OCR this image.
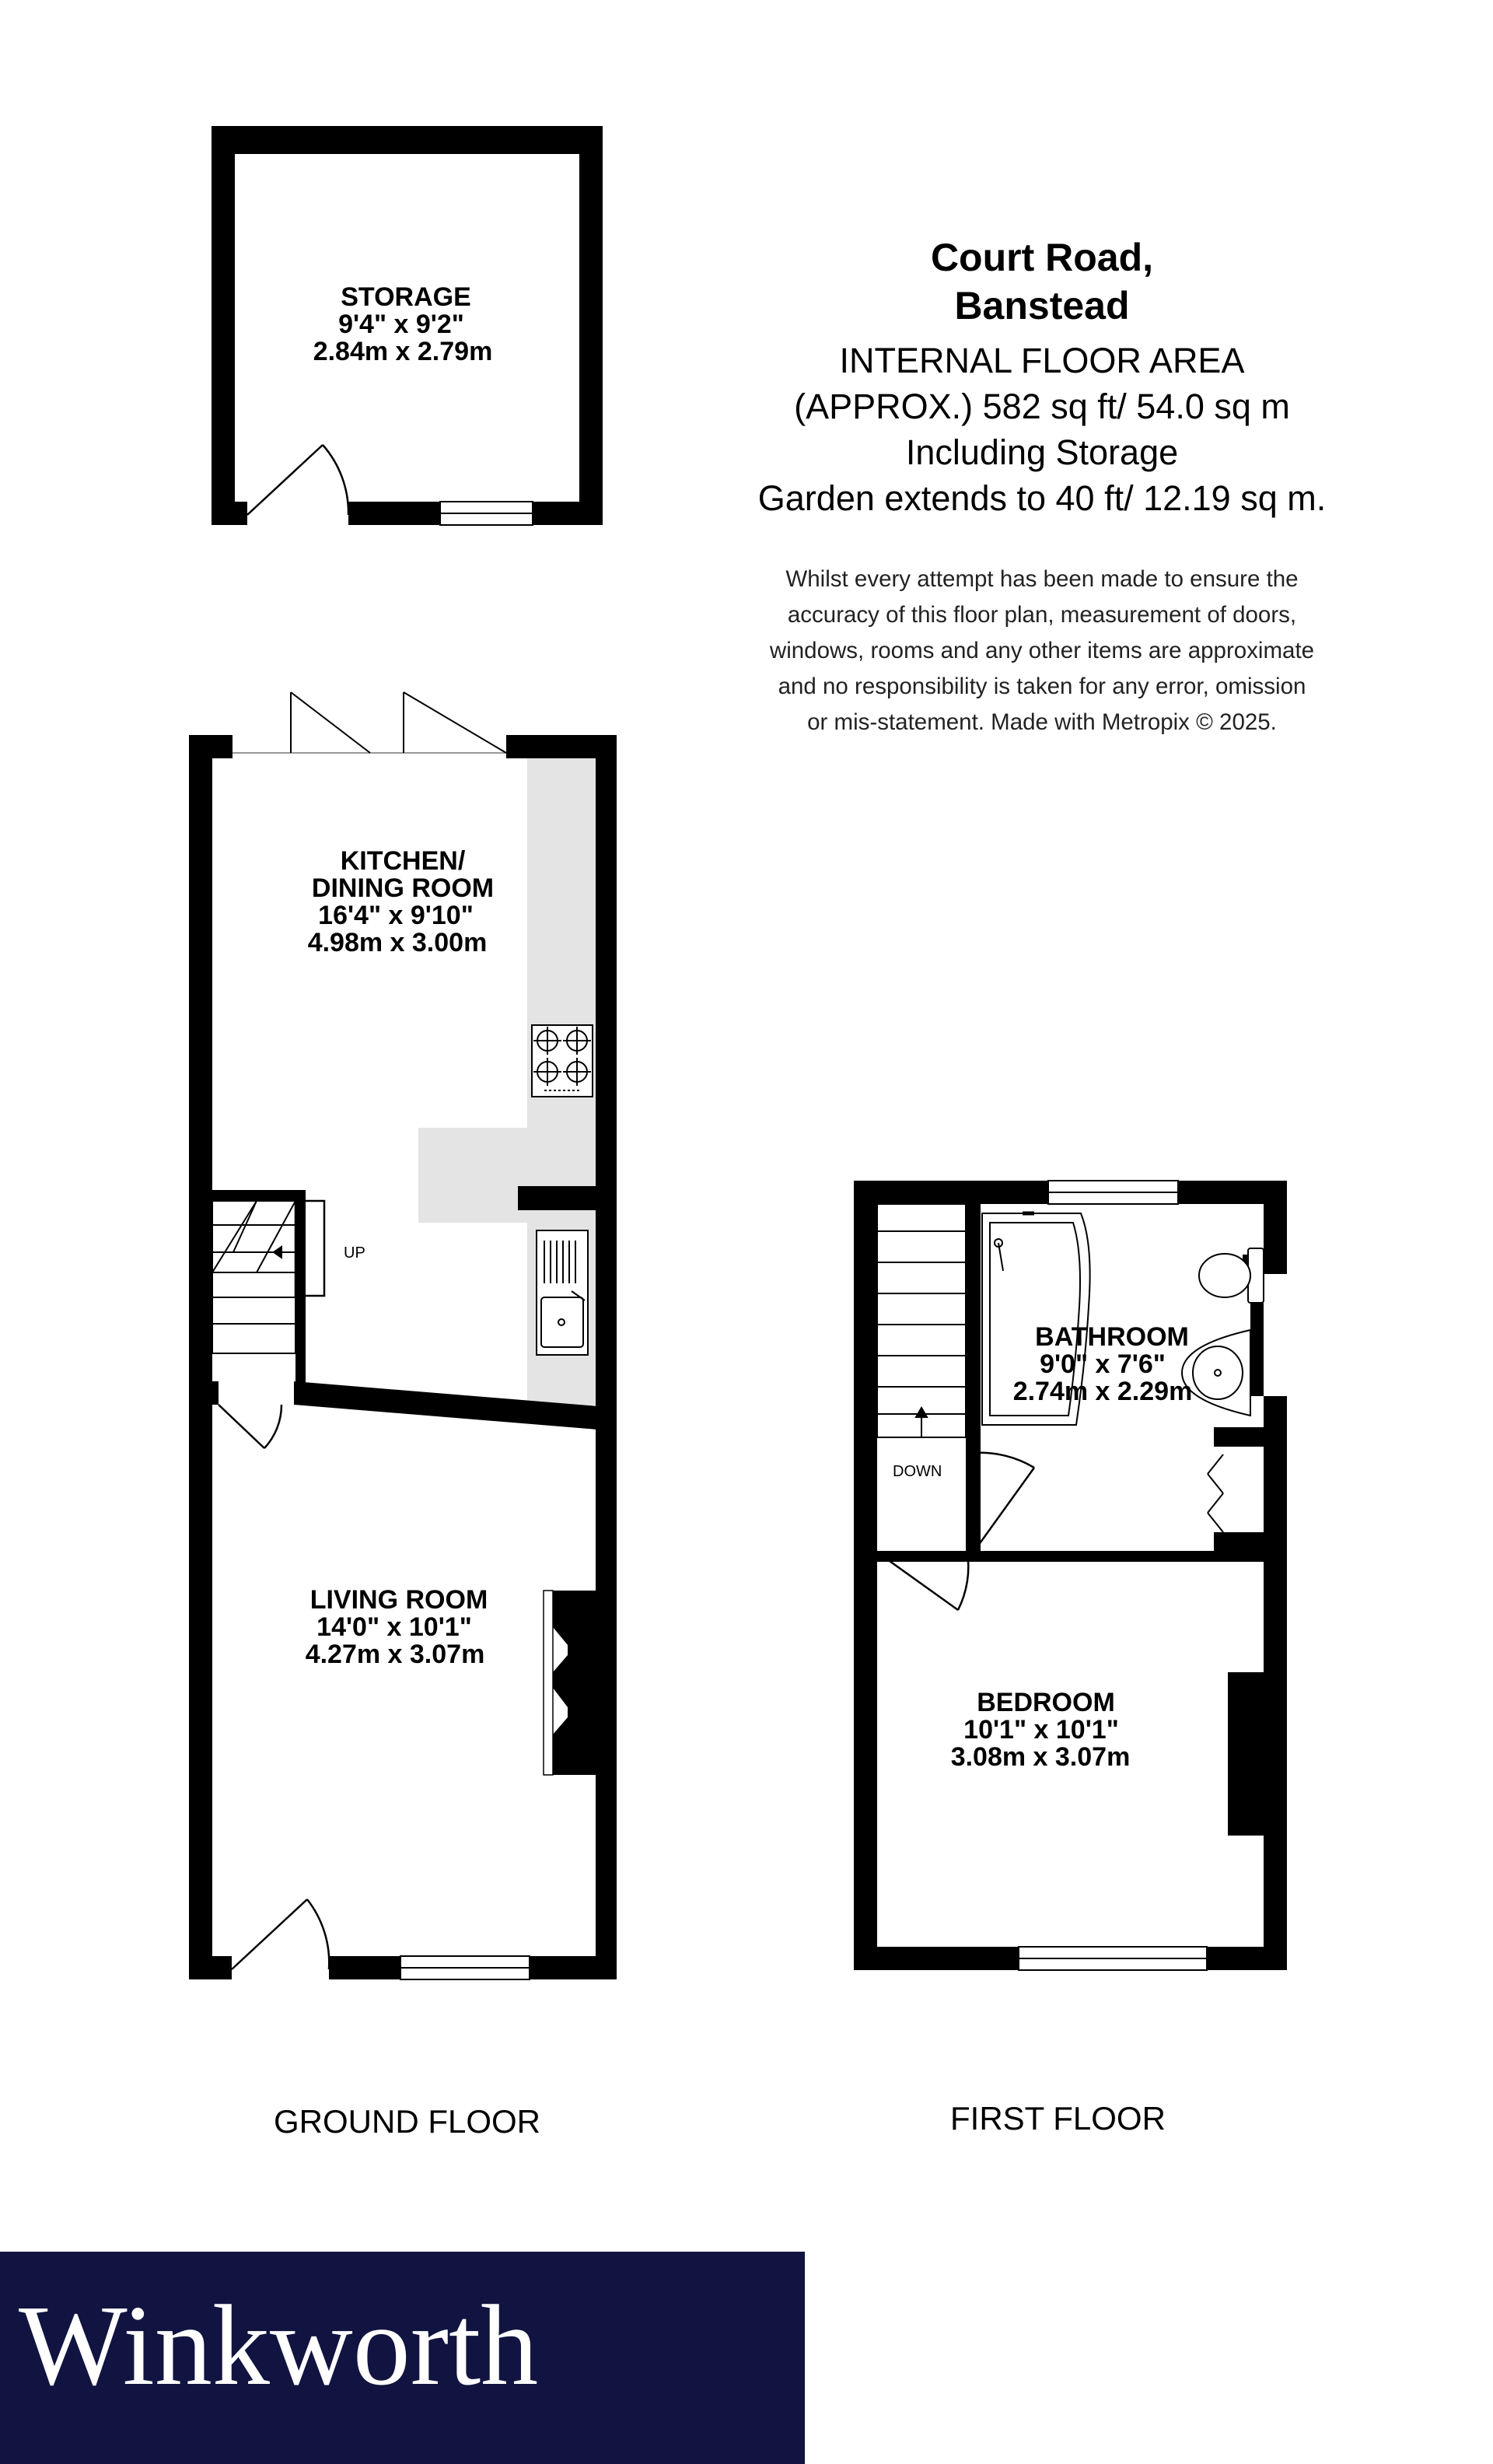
STORAGE
9'4" x 9'2"
2.84m x 2.79m
UP
KITCHEN/
DINING ROOM
16'4" x 9'10"
4.98m x 3.00m
LIVING ROOM
14'0" x 10'1"
4.27m x 3.07m
DOWN
BATHROOM
9'0" x 7'6"
2.74m x 2.29m
BEDROOM
10'1" x 10'1"
3.08m x 3.07m
Court Road,
Banstead
INTERNAL FLOOR AREA
(APPROX.) 582 sq ft/ 54.0 sq m
Including Storage
Garden extends to 40 ft/ 12.19 sq m.
Whilst every attempt has been made to ensure the
accuracy of this floor plan, measurement of doors,
windows, rooms and any other items are approximate
and no responsibility is taken for any error, omission
or mis-statement. Made with Metropix © 2025.
GROUND FLOOR	FIRST FLOOR
Winkworth
